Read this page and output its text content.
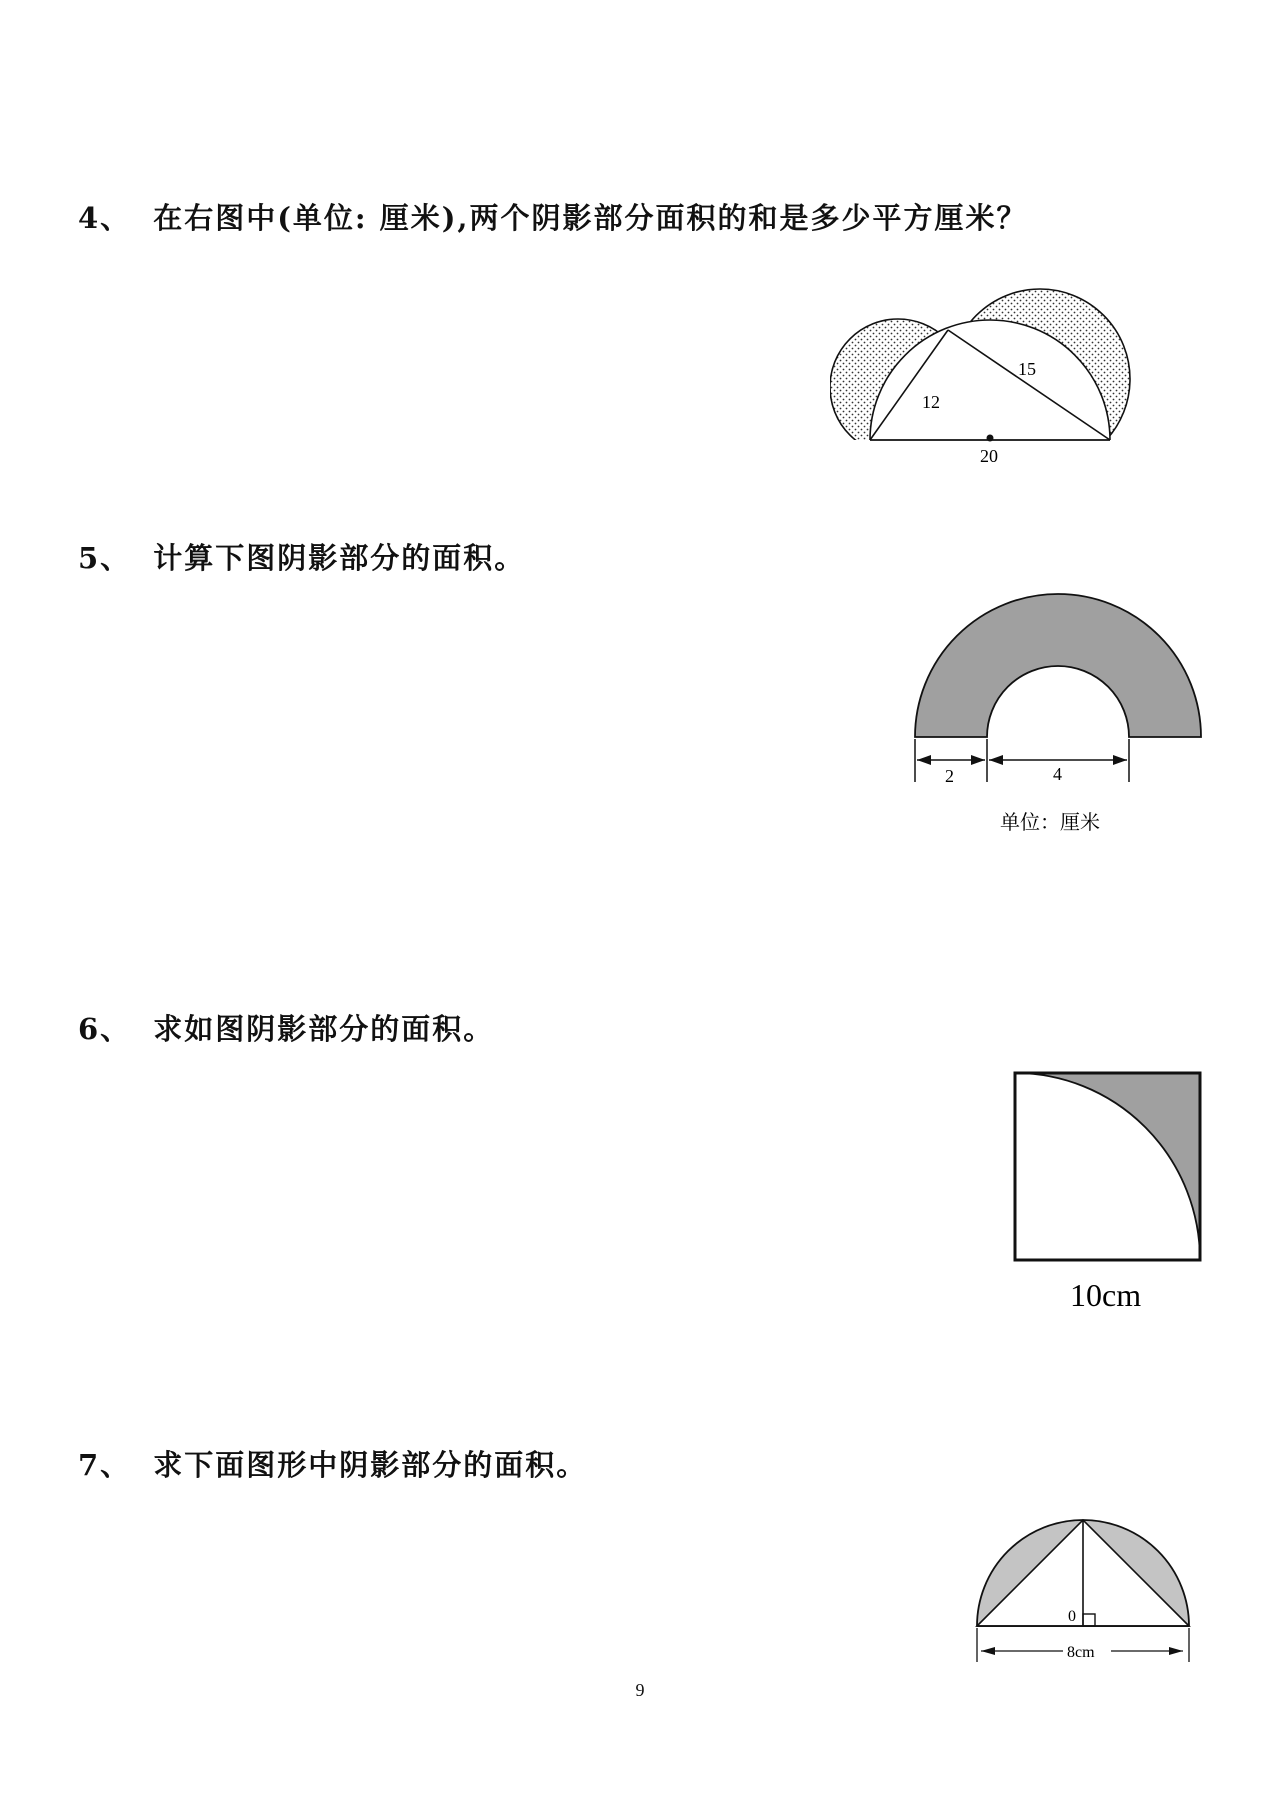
4、 在右图中(单位: 厘米),两个阴影部分面积的和是多少平方厘米？
12
15
20
5、 计算下图阴影部分的面积。
2	4
单位：厘米
6、 求如图阴影部分的面积。
10cm
7、 求下面图形中阴影部分的面积。
0
8cm
9
